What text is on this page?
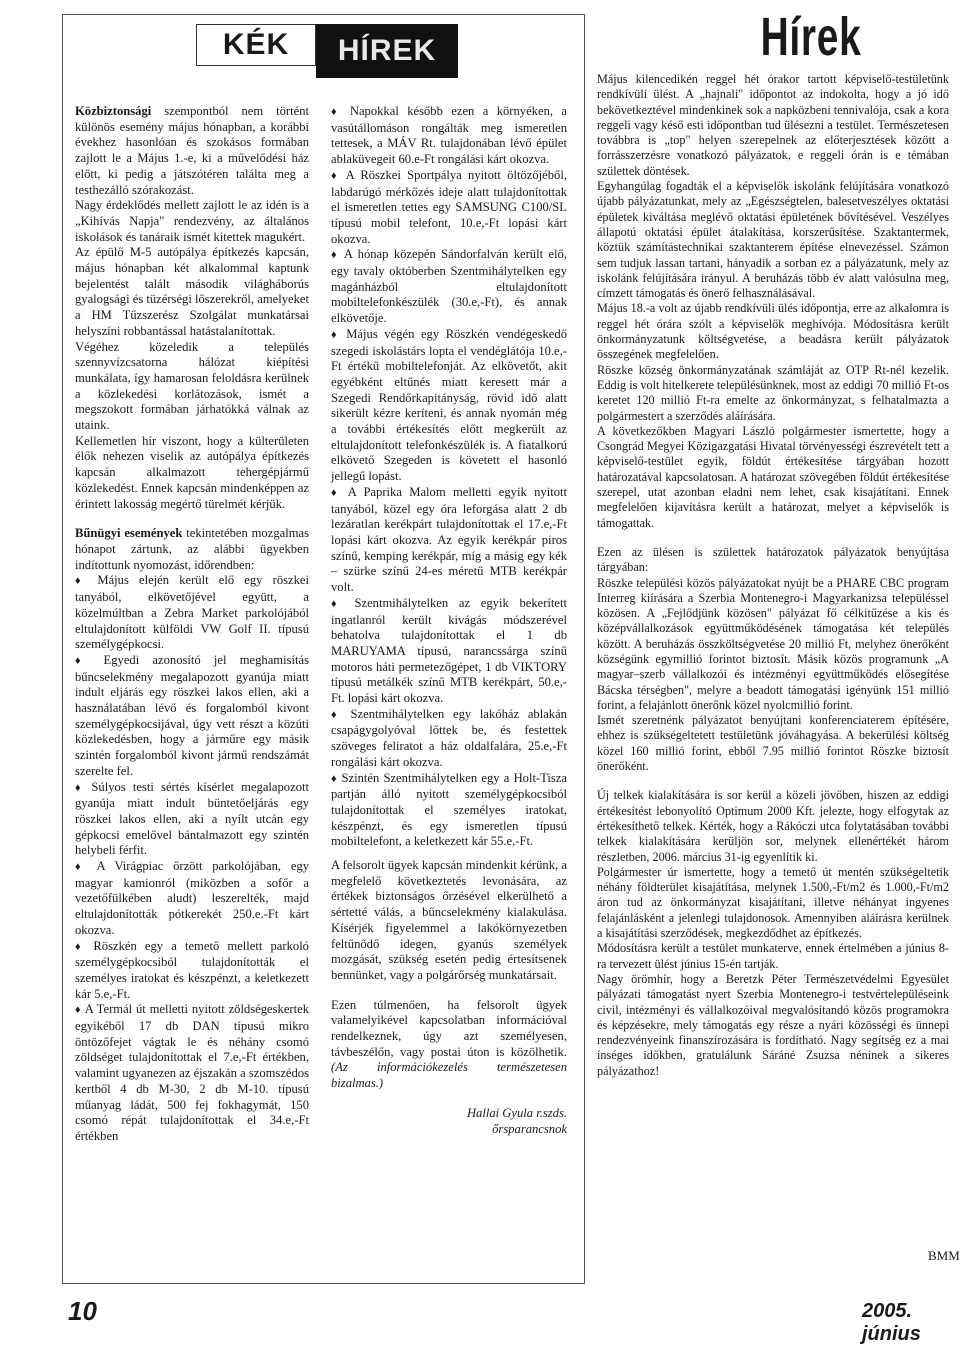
KÉK	HÍREK	Hírek

Közbiztonsági szempontból nem történt különös esemény május hónapban, a korábbi évekhez hasonlóan és szokásos formában zajlott le a Május 1.-e, ki a művelődési ház előtt, ki pedig a játszótéren találta meg a testhezálló szórakozást.

Nagy érdeklődés mellett zajlott le az idén is a „Kihívás Napja" rendezvény, az általános iskolások és tanáraik ismét kitettek magukért.

Az épülő M-5 autópálya építkezés kapcsán, május hónapban két alkalommal kaptunk bejelentést talált második világháborús gyalogsági és tüzérségi lőszerekről, amelyeket a HM Tűzszerész Szolgálat munkatársai helyszíni robbantással hatástalanítottak.

Végéhez közeledik a település szennyvízcsatorna hálózat kiépítési munkálata, így hamarosan feloldásra kerülnek a közlekedési korlátozások, ismét a megszokott formában járhatókká válnak az utaink.

Kellemetlen hír viszont, hogy a külterületen élők nehezen viselik az autópálya építkezés kapcsán alkalmazott tehergépjármű közlekedést. Ennek kapcsán mindenképpen az érintett lakosság megértő türelmét kérjük.

Bűnügyi események tekintetében mozgalmas hónapot zártunk, az alábbi ügyekben indítottunk nyomozást, időrendben:

♦ Május elején került elő egy röszkei tanyából, elkövetőjével együtt, a közelmúltban a Zebra Market parkolójából eltulajdonított külföldi VW Golf II. típusú személygépkocsi.

♦ Egyedi azonosító jel meghamisítás bűncselekmény megalapozott gyanúja miatt indult eljárás egy röszkei lakos ellen, aki a használatában lévő és forgalomból kivont személygépkocsijával, úgy vett részt a közúti közlekedésben, hogy a járműre egy másik szintén forgalomból kivont jármű rendszámát szerelte fel.

♦ Súlyos testi sértés kísérlet megalapozott gyanúja miatt indult büntetőeljárás egy röszkei lakos ellen, aki a nyílt utcán egy gépkocsi emelővel bántalmazott egy szintén helybeli férfit.

♦ A Virágpiac őrzött parkolójában, egy magyar kamionról (miközben a sofőr a vezetőfülkében aludt) leszerelték, majd eltulajdonították pótkerekét 250.e.-Ft kárt okozva.

♦ Röszkén egy a temető mellett parkoló személygépkocsiból tulajdonították el személyes iratokat és készpénzt, a keletkezett kár 5.e,-Ft.

♦ A Termál út melletti nyitott zöldségeskertek egyikéből 17 db DAN típusú mikro öntözőfejet vágtak le és néhány csomó zöldséget tulajdonítottak el 7.e,-Ft értékben, valamint ugyanezen az éjszakán a szomszédos kertből 4 db M-30, 2 db M-10. típusú műanyag ládát, 500 fej fokhagymát, 150 csomó répát tulajdonítottak el 34.e,-Ft értékben

♦ Napokkal később ezen a környéken, a vasútállomáson rongálták meg ismeretlen tettesek, a MÁV Rt. tulajdonában lévő épület ablaküvegeit 60.e-Ft rongálási kárt okozva.

♦ A Röszkei Sportpálya nyitott öltözőjéből, labdarúgó mérkőzés ideje alatt tulajdonítottak el ismeretlen tettes egy SAMSUNG C100/SL típusú mobil telefont, 10.e,-Ft lopási kárt okozva.

♦ A hónap közepén Sándorfalván került elő, egy tavaly októberben Szentmihálytelken egy magánházból eltulajdonított mobiltelefonkészülék (30.e,-Ft), és annak elkövetője.

♦ Május végén egy Röszkén vendégeskedő szegedi iskolástárs lopta el vendéglátója 10.e,-Ft értékű mobiltelefonját. Az elkövetőt, akit egyébként eltűnés miatt keresett már a Szegedi Rendőrkapitányság, rövid idő alatt sikerült kézre keríteni, és annak nyomán még a további értékesítés előtt megkerült az eltulajdonított telefonkészülék is. A fiatalkorú elkövető Szegeden is követett el hasonló jellegű lopást.

♦ A Paprika Malom melletti egyik nyitott tanyából, közel egy óra leforgása alatt 2 db lezáratlan kerékpárt tulajdonítottak el 17.e,-Ft lopási kárt okozva. Az egyik kerékpár piros színű, kemping kerékpár, míg a másig egy kék – szürke színű 24-es méretű MTB kerékpár volt.

♦ Szentmihálytelken az egyik bekerített ingatlanról került kivágás módszerével behatolva tulajdonítottak el 1 db MARUYAMA típusú, narancssárga színű motoros háti permetezőgépet, 1 db VIKTORY típusú metálkék színű MTB kerékpárt, 50.e,-Ft. lopási kárt okozva.

♦ Szentmihálytelken egy lakóház ablakán csapágygolyóval lőttek be, és festettek szöveges feliratot a ház oldalfalára, 25.e,-Ft rongálási kárt okozva.

♦ Szintén Szentmihálytelken egy a Holt-Tisza partján álló nyitott személygépkocsiból tulajdonítottak el személyes iratokat, készpénzt, és egy ismeretlen típusú mobiltelefont, a keletkezett kár 55.e,-Ft.

A felsorolt ügyek kapcsán mindenkit kérünk, a megfelelő következtetés levonására, az értékek biztonságos őrzésével elkerülhető a sértetté válás, a bűncselekmény kialakulása. Kísérjék figyelemmel a lakókörnyezetben feltűnődő idegen, gyanús személyek mozgását, szükség esetén pedig értesítsenek bennünket, vagy a polgárőrség munkatársait.

Ezen túlmenően, ha felsorolt ügyek valamelyikével kapcsolatban információval rendelkeznek, úgy azt személyesen, távbeszélőn, vagy postai úton is közölhetik. (Az információkezelés természetesen bizalmas.)

Hallai Gyula r.szds.

őrsparancsnok

Május kilencedikén reggel hét órakor tartott képviselő-testületünk rendkívüli ülést. A „hajnali" időpontot az indokolta, hogy a jó idő bekövetkeztével mindenkinek sok a napközbeni tennivalója, csak a kora reggeli vagy késő esti időpontban tud ülésezni a testület. Természetesen továbbra is „top" helyen szerepelnek az előterjesztések között a forrásszerzésre vonatkozó pályázatok, e reggeli órán is e témában születtek döntések.

Egyhangúlag fogadták el a képviselők iskolánk felújítására vonatkozó újabb pályázatunkat, mely az „Egészségtelen, balesetveszélyes oktatási épületek kiváltása meglévő oktatási épületének bővítésével. Veszélyes állapotú oktatási épület átalakítása, korszerűsítése. Szaktantermek, köztük számítástechnikai szaktanterem építése elnevezéssel. Számon sem tudjuk lassan tartani, hányadik a sorban ez a pályázatunk, mely az iskolánk felújítására irányul. A beruházás több év alatt valósulna meg, címzett támogatás és önerő felhasználásával.

Május 18.-a volt az újabb rendkívüli ülés időpontja, erre az alkalomra is reggel hét órára szólt a képviselők meghívója. Módosításra került önkormányzatunk költségvetése, a beadásra került pályázatok összegének megfelelően.

Röszke község önkormányzatának számláját az OTP Rt-nél kezelik. Eddig is volt hitelkerete településünknek, most az eddigi 70 millió Ft-os keretet 120 millió Ft-ra emelte az önkormányzat, s felhatalmazta a polgármestert a szerződés aláírására.

A következőkben Magyari László polgármester ismertette, hogy a Csongrád Megyei Közigazgatási Hivatal törvényességi észrevételt tett a képviselő-testület egyik, földút értékesítése tárgyában hozott határozatával kapcsolatosan. A határozat szövegében földút értékesítése szerepel, utat azonban eladni nem lehet, csak kisajátítani. Ennek megfelelően kijavításra került a határozat, melyet a képviselők is támogattak.

Ezen az ülésen is születtek határozatok pályázatok benyújtása tárgyában:

Röszke települési közös pályázatokat nyújt be a PHARE CBC program Interreg kiírására a Szerbia Montenegro-i Magyarkanizsa településsel közösen. A „Fejlődjünk közösen" pályázat fő célkitűzése a kis és középvállalkozások együttműködésének támogatása két település között. A beruházás összköltségvetése 20 millió Ft, melyhez önerőként községünk egymillió forintot biztosít. Másik közös programunk „A magyar–szerb vállalkozói és intézményi együttműködés elősegítése Bácska térségben", melyre a beadott támogatási igényünk 151 millió forint, a felajánlott önerőnk közel nyolcmillió forint.

Ismét szeretnénk pályázatot benyújtani konferenciaterem építésére, ehhez is szükségeltetett testületünk jóváhagyása. A bekerülési költség közel 160 millió forint, ebből 7.95 millió forintot Röszke biztosít önerőként.

Új telkek kialakítására is sor kerül a közeli jövőben, hiszen az eddigi értékesítést lebonyolító Optimum 2000 Kft. jelezte, hogy elfogytak az értékesíthető telkek. Kérték, hogy a Rákóczi utca folytatásában további telkek kialakítására kerüljön sor, melynek ellenértékét három részletben, 2006. március 31-ig egyenlítik ki.

Polgármester úr ismertette, hogy a temető út mentén szükségeltetik néhány földterület kisajátítása, melynek 1.500,-Ft/m2 és 1.000,-Ft/m2 áron tud az önkormányzat kisajátítani, illetve néhányat ingyenes felajánlásként a jelenlegi tulajdonosok. Amennyiben aláírásra kerülnek a kisajátítási szerződések, megkezdődhet az építkezés.

Módosításra került a testület munkaterve, ennek értelmében a június 8-ra tervezett ülést június 15-én tartják.

Nagy örömhír, hogy a Beretzk Péter Természetvédelmi Egyesület pályázati támogatást nyert Szerbia Montenegro-i testvértelepüléseink civil, intézményi és vállalkozóival megvalósítandó közös programokra és képzésekre, mely támogatás egy része a nyári közösségi és ünnepi rendezvényeink finanszírozására is fordítható. Nagy segítség ez a mai ínséges időkben, gratulálunk Sáráné Zsuzsa néninek a sikeres pályázathoz!

BMM
10	2005. június
